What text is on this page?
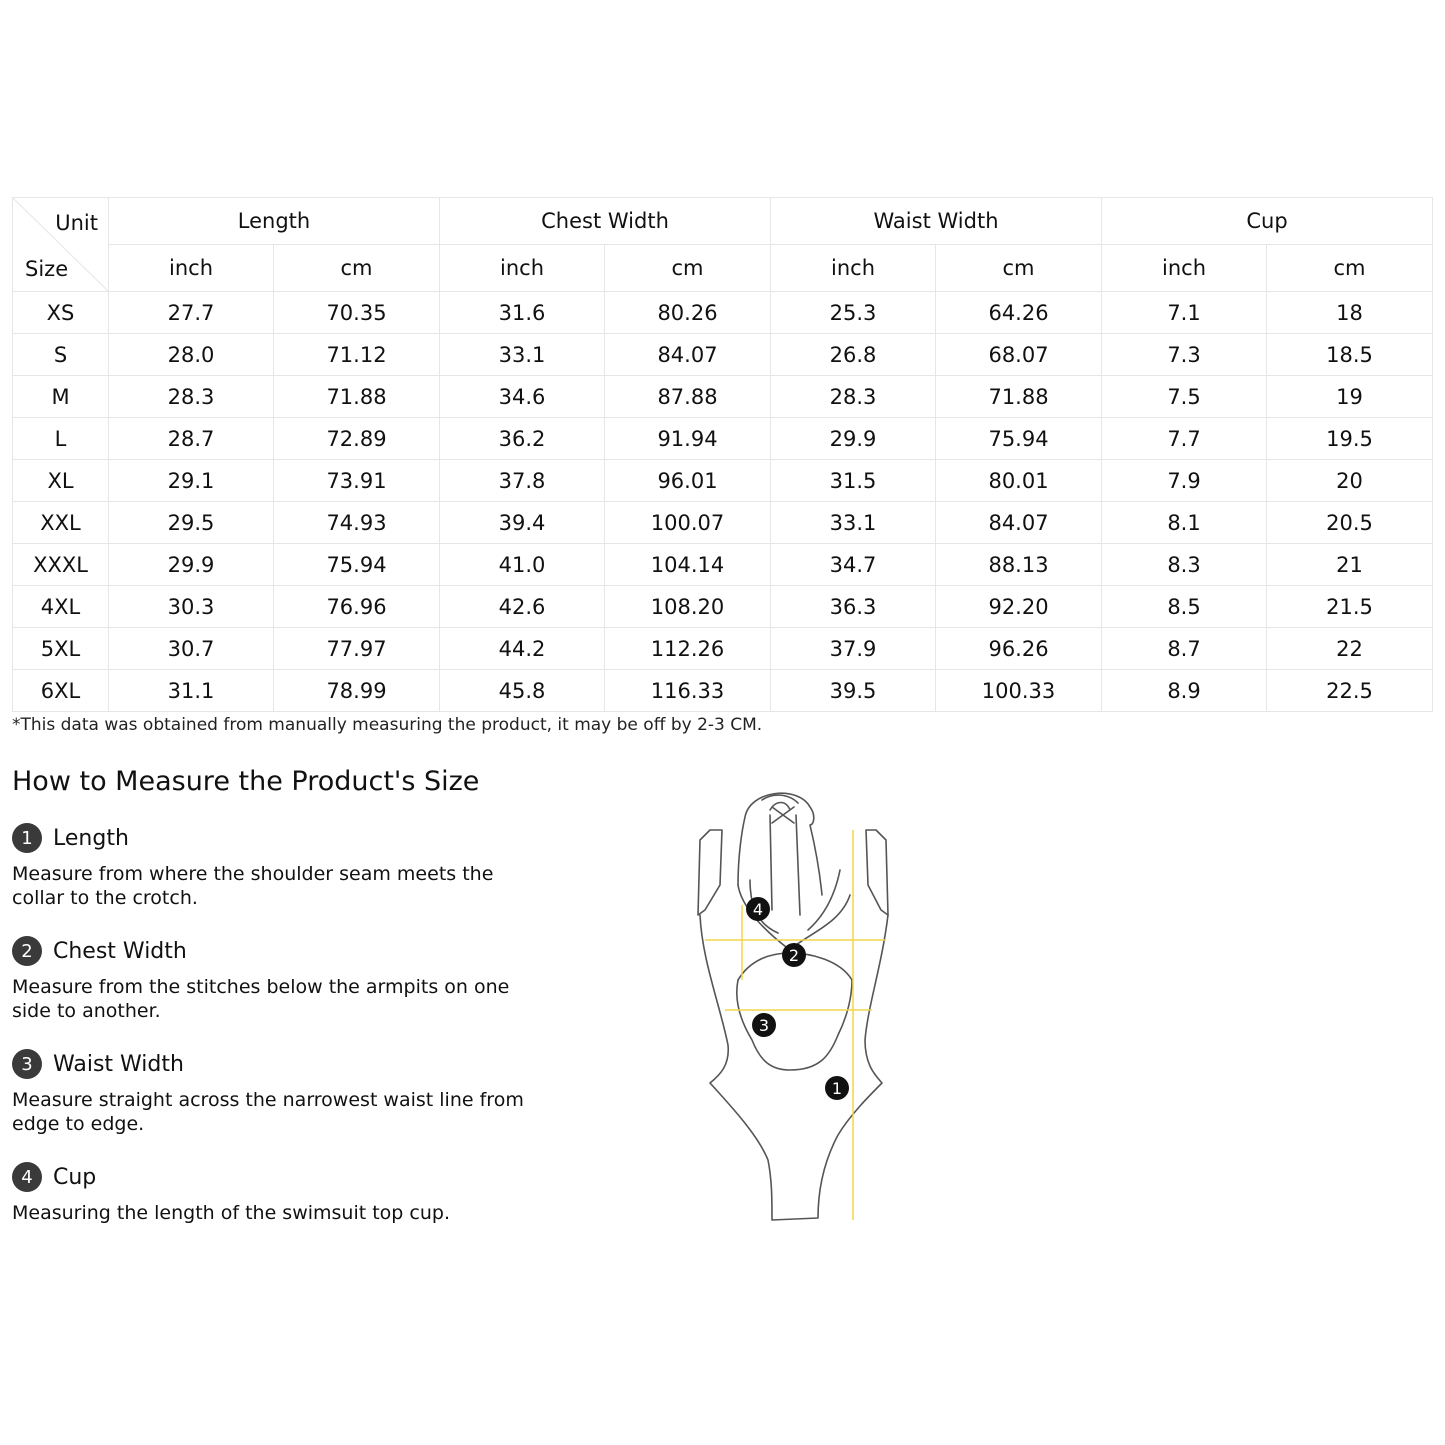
Unit
Size	Length		Chest Width		Waist Width		Cup	
	inch	cm	inch	cm	inch	cm	inch	cm
XS	27.7	70.35	31.6	80.26	25.3	64.26	7.1	18
S	28.0	71.12	33.1	84.07	26.8	68.07	7.3	18.5
M	28.3	71.88	34.6	87.88	28.3	71.88	7.5	19
L	28.7	72.89	36.2	91.94	29.9	75.94	7.7	19.5
XL	29.1	73.91	37.8	96.01	31.5	80.01	7.9	20
XXL	29.5	74.93	39.4	100.07	33.1	84.07	8.1	20.5
XXXL	29.9	75.94	41.0	104.14	34.7	88.13	8.3	21
4XL	30.3	76.96	42.6	108.20	36.3	92.20	8.5	21.5
5XL	30.7	77.97	44.2	112.26	37.9	96.26	8.7	22
6XL	31.1	78.99	45.8	116.33	39.5	100.33	8.9	22.5
*This data was obtained from manually measuring the product, it may be off by 2-3 CM.
How to Measure the Product's Size
1 Length
Measure from where the shoulder seam meets the collar to the crotch.
2 Chest Width
Measure from the stitches below the armpits on one side to another.
3 Waist Width
Measure straight across the narrowest waist line from edge to edge.
4 Cup
Measuring the length of the swimsuit top cup.
4
2
3
1
